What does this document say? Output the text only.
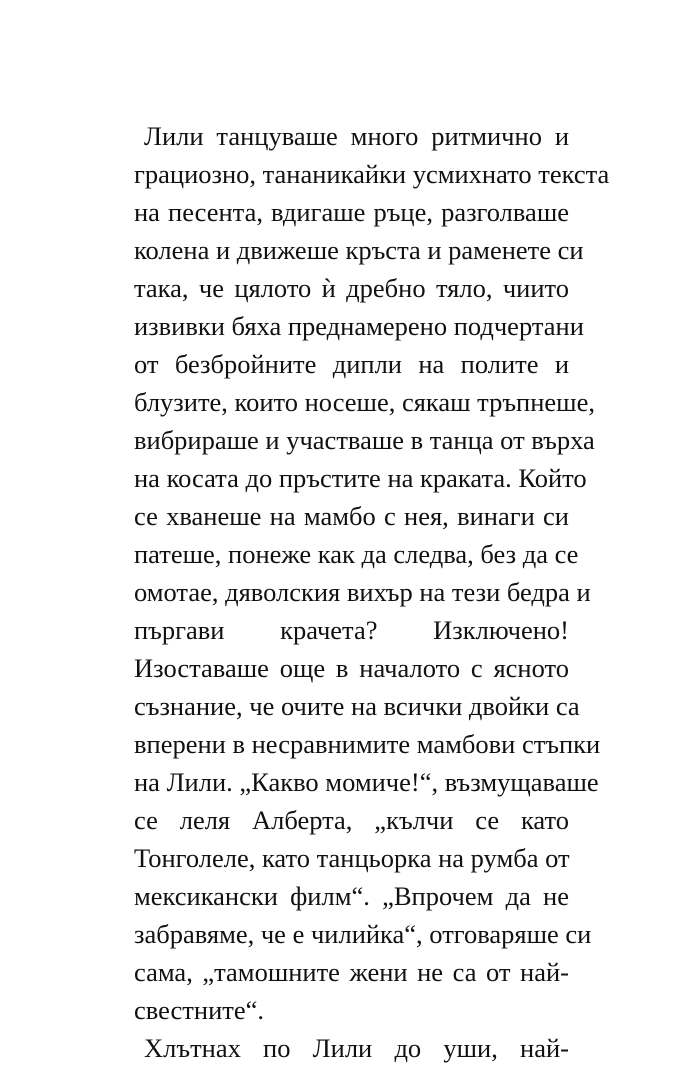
Лили танцуваше много ритмично и
грациозно, тананикайки усмихнато текста
на песента, вдигаше ръце, разголваше
колена и движеше кръста и раменете си
така, че цялото ѝ дребно тяло, чиито
извивки бяха преднамерено подчертани
от безбройните дипли на полите и
блузите, които носеше, сякаш тръпнеше,
вибрираше и участваше в танца от върха
на косата до пръстите на краката. Който
се хванеше на мамбо с нея, винаги си
патеше, понеже как да следва, без да се
омотае, дяволския вихър на тези бедра и
пъргави крачета? Изключено!
Изоставаше още в началото с ясното
съзнание, че очите на всички двойки са
вперени в несравнимите мамбови стъпки
на Лили. „Какво момиче!“, възмущаваше
се леля Алберта, „кълчи се като
Тонголеле, като танцьорка на румба от
мексикански филм“. „Впрочем да не
забравяме, че е чилийка“, отговаряше си
сама, „тамошните жени не са от най-
свестните“.
Хлътнах по Лили до уши, най-
